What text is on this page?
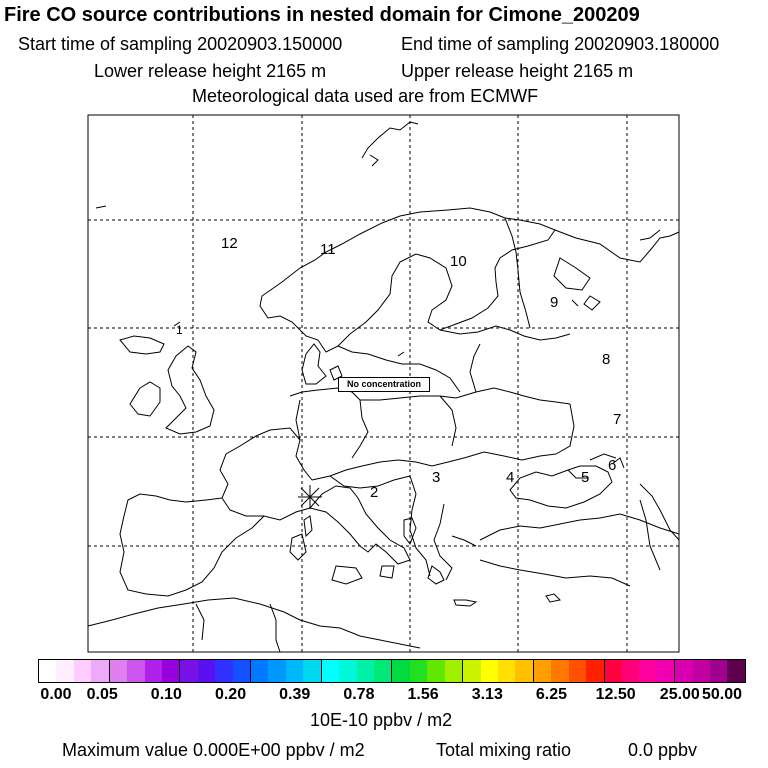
Fire CO source contributions in nested domain for Cimone_200209
Start time of sampling 20020903.150000	End time of sampling 20020903.180000
Lower release height 2165 m	Upper release height 2165 m
Meteorological data used are from ECMWF
2
3	4	5
6
7
8
9
10
11
12
1
No concentration
0.00 0.05 0.10 0.20 0.39 0.78 1.56 3.13 6.25 12.50 25.00 50.00
10E-10 ppbv / m2
Maximum value 0.000E+00 ppbv / m2	Total mixing ratio	0.0 ppbv
